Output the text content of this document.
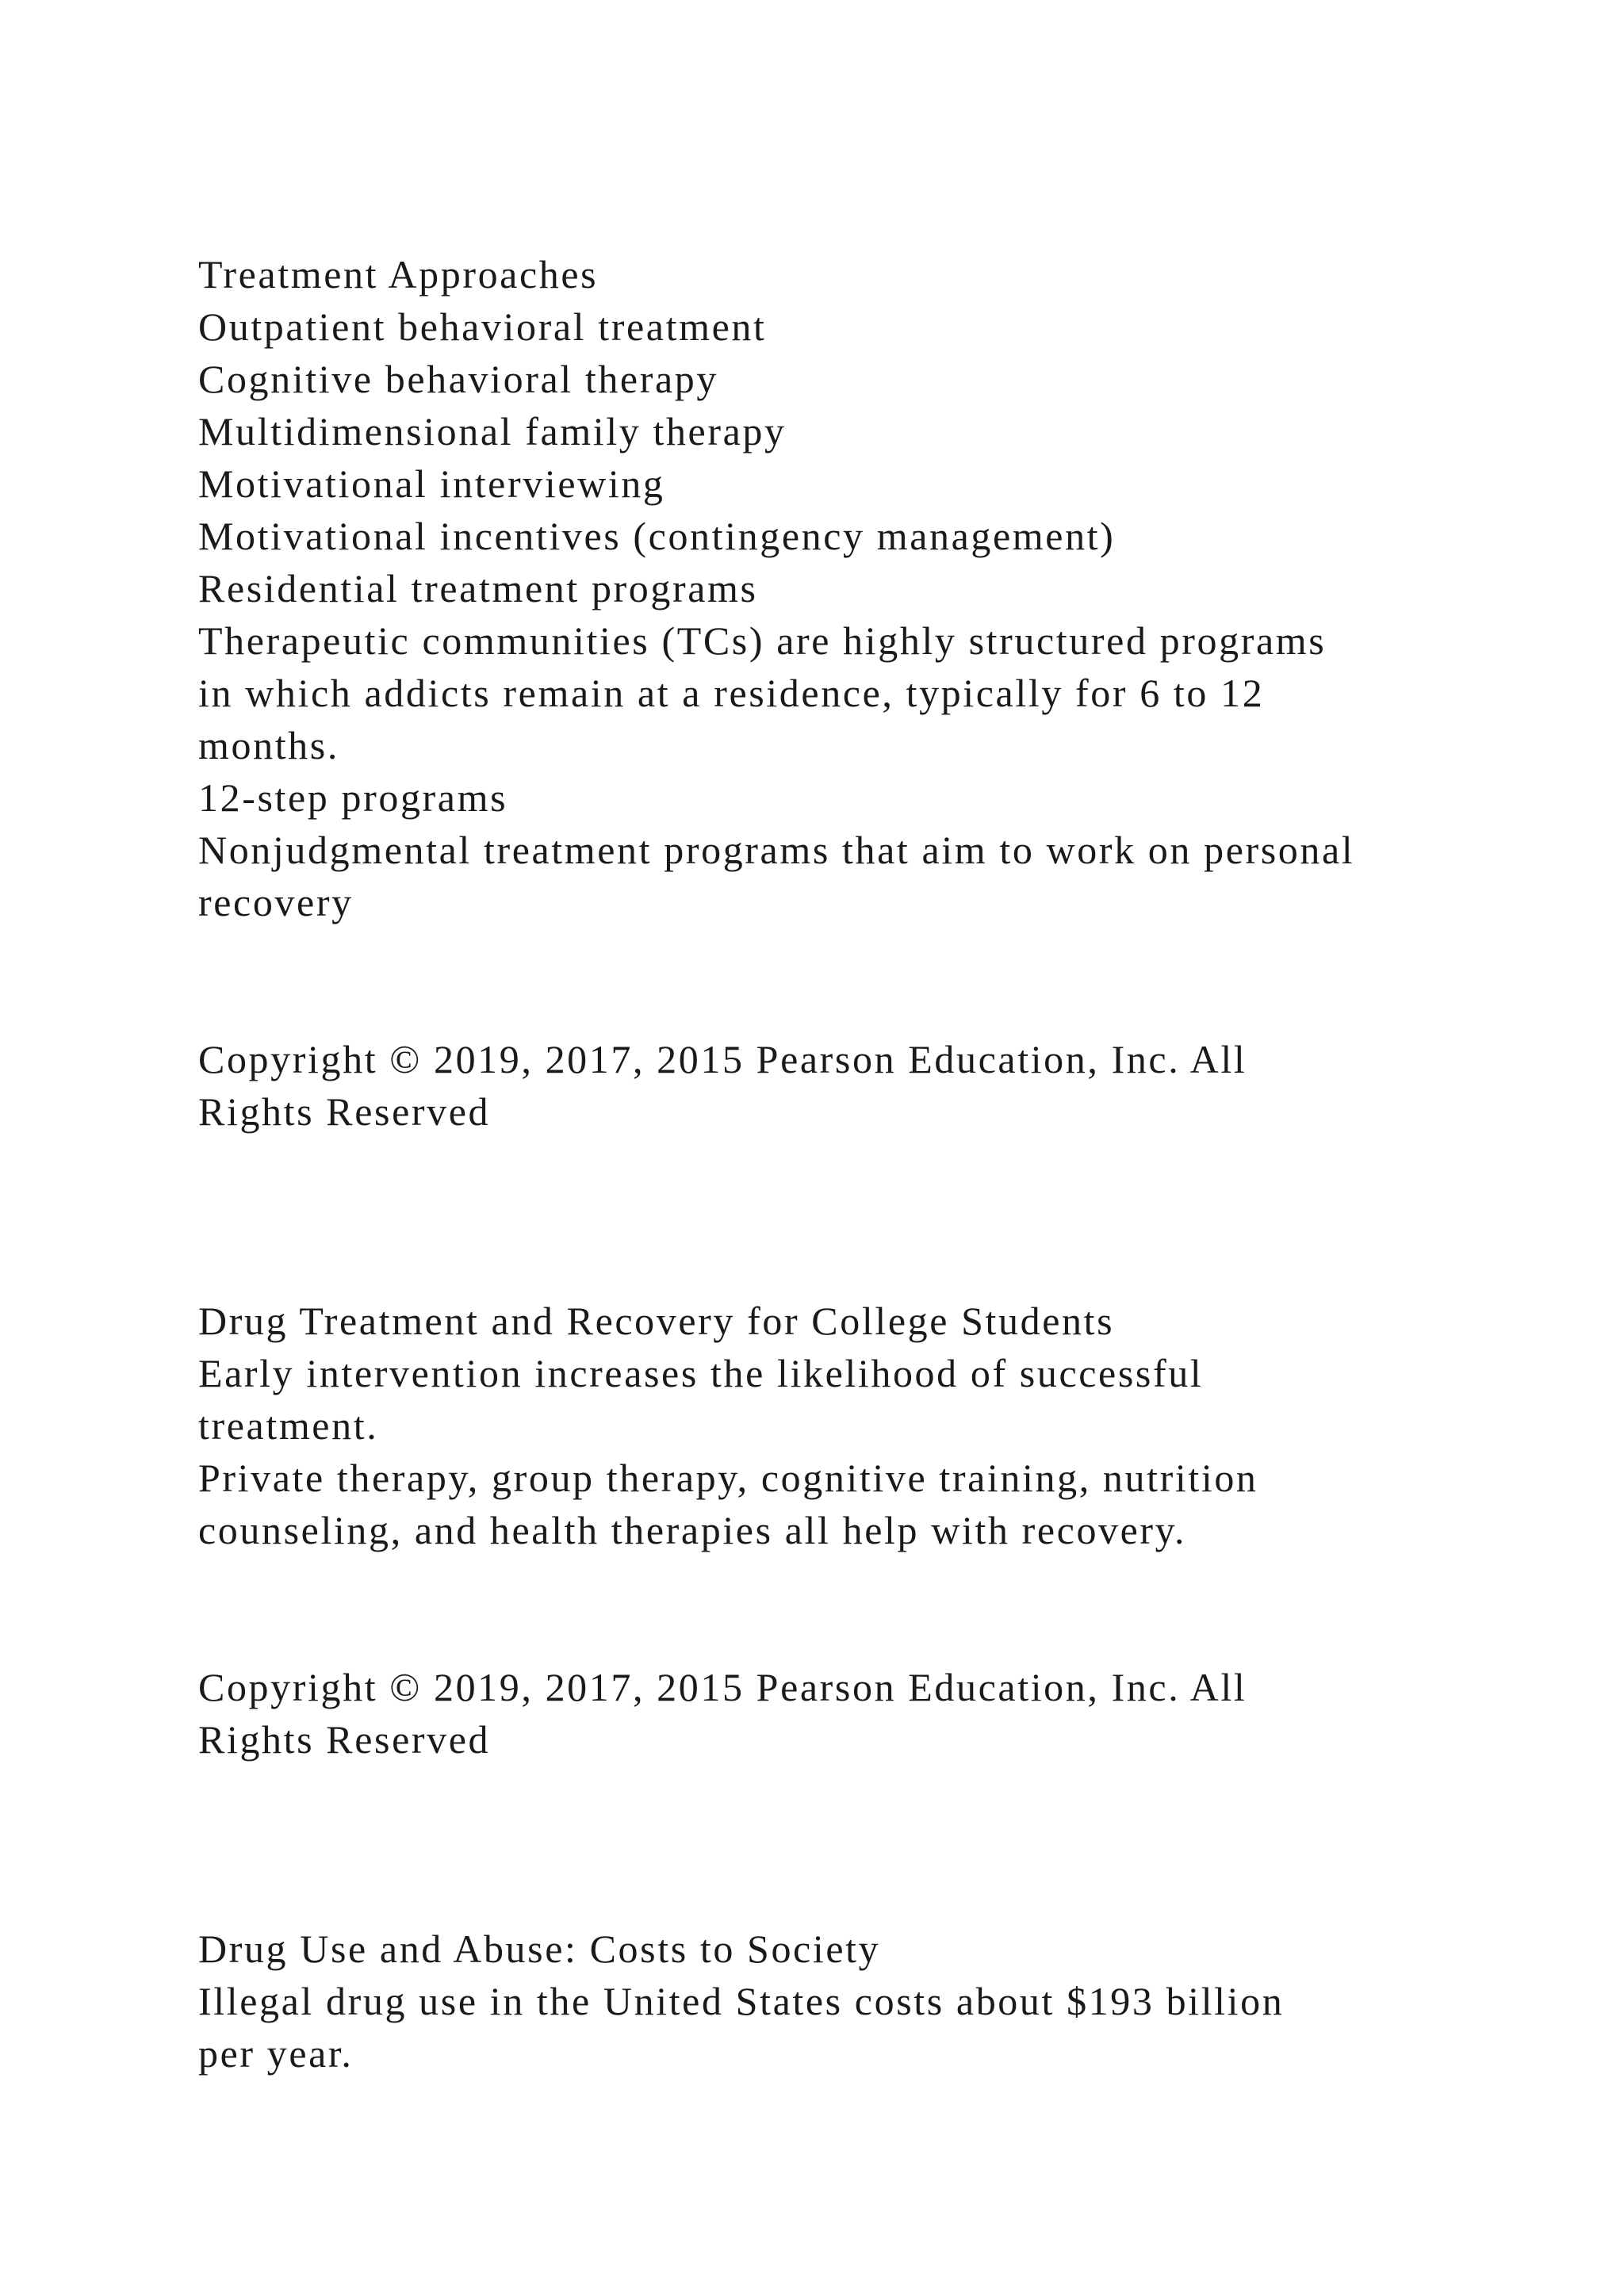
Treatment Approaches
Outpatient behavioral treatment
Cognitive behavioral therapy
Multidimensional family therapy
Motivational interviewing
Motivational incentives (contingency management)
Residential treatment programs
Therapeutic communities (TCs) are highly structured programs
in which addicts remain at a residence, typically for 6 to 12
months.
12-step programs
Nonjudgmental treatment programs that aim to work on personal
recovery
Copyright © 2019, 2017, 2015 Pearson Education, Inc. All
Rights Reserved
Drug Treatment and Recovery for College Students
Early intervention increases the likelihood of successful
treatment.
Private therapy, group therapy, cognitive training, nutrition
counseling, and health therapies all help with recovery.
Copyright © 2019, 2017, 2015 Pearson Education, Inc. All
Rights Reserved
Drug Use and Abuse: Costs to Society
Illegal drug use in the United States costs about $193 billion
per year.
